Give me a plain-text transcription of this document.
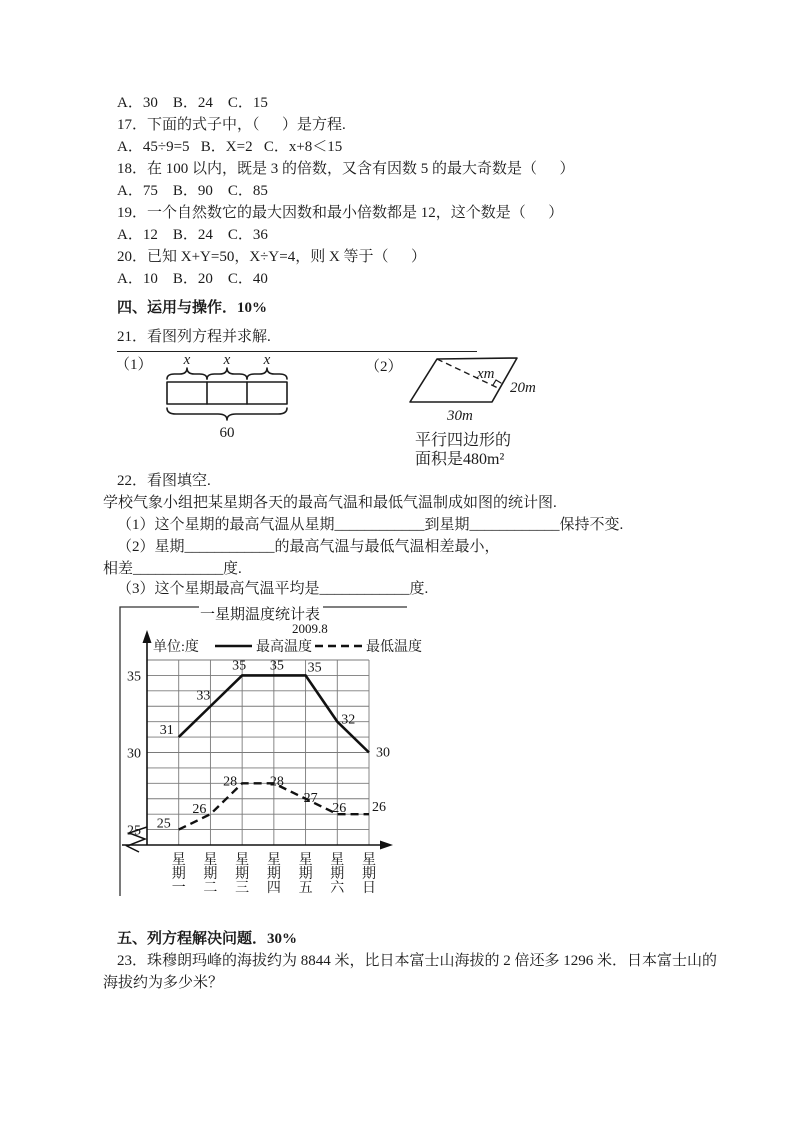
A．30    B．24    C．15
17．下面的式子中，（      ）是方程.
A．45÷9=5   B．X=2   C．x+8＜15
18．在 100 以内，既是 3 的倍数，又含有因数 5 的最大奇数是（      ）
A．75    B．90    C．85
19．一个自然数它的最大因数和最小倍数都是 12，这个数是（      ）
A．12    B．24    C．36
20．已知 X+Y=50，X÷Y=4，则 X 等于（      ）
A．10    B．20    C．40
四、运用与操作．10%
21．看图列方程并求解.
（1） x x x
60
（2）	xm
20m
30m
平行四边形的
面积是480m²
22．看图填空.
学校气象小组把某星期各天的最高气温和最低气温制成如图的统计图.
（1）这个星期的最高气温从星期____________到星期____________保持不变.
（2）星期____________的最高气温与最低气温相差最小，
相差____________度.
（3）这个星期最高气温平均是____________度.
一星期温度统计表
2009.8
单位:度	最高温度	最低温度
25
30
35
31
33
35 35 35
32
30
25
26
28 28
27
26 26
星期一
星期二
星期三
星期四
星期五
星期六
星期日
五、列方程解决问题．30%
23．珠穆朗玛峰的海拔约为 8844 米，比日本富士山海拔的 2 倍还多 1296 米．日本富士山的
海拔约为多少米？
